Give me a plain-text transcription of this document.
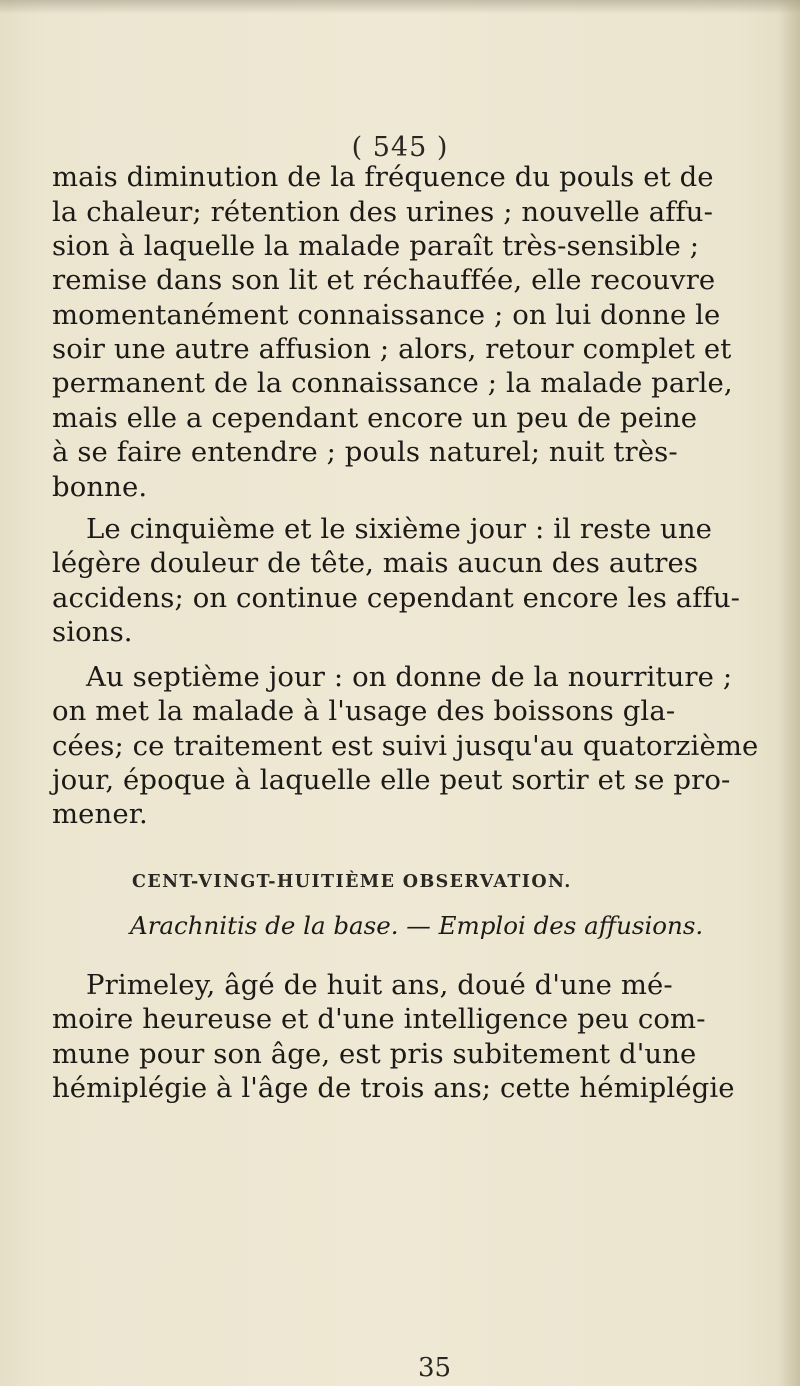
( 545 )
mais diminution de la fréquence du pouls et de
la chaleur; rétention des urines ; nouvelle affu-
sion à laquelle la malade paraît très-sensible ;
remise dans son lit et réchauffée, elle recouvre
momentanément connaissance ; on lui donne le
soir une autre affusion ; alors, retour complet et
permanent de la connaissance ; la malade parle,
mais elle a cependant encore un peu de peine
à se faire entendre ; pouls naturel; nuit très-
bonne.
Le cinquième et le sixième jour : il reste une
légère douleur de tête, mais aucun des autres
accidens; on continue cependant encore les affu-
sions.
Au septième jour : on donne de la nourriture ;
on met la malade à l'usage des boissons gla-
cées; ce traitement est suivi jusqu'au quatorzième
jour, époque à laquelle elle peut sortir et se pro-
mener.
CENT-VINGT-HUITIÈME OBSERVATION.
Arachnitis de la base. — Emploi des affusions.
Primeley, âgé de huit ans, doué d'une mé-
moire heureuse et d'une intelligence peu com-
mune pour son âge, est pris subitement d'une
hémiplégie à l'âge de trois ans; cette hémiplégie
35
